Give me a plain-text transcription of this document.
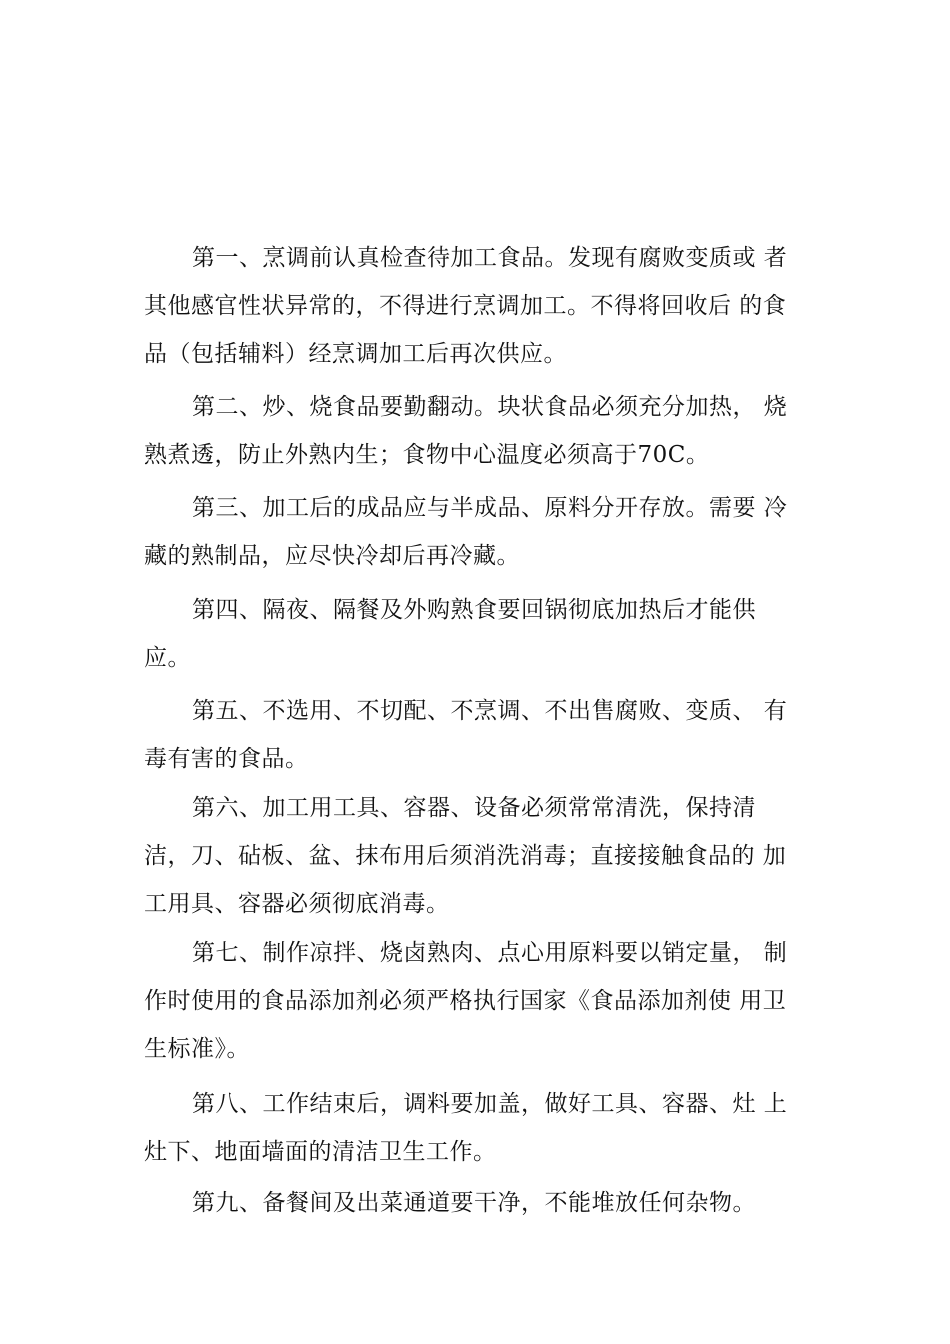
第一、烹调前认真检查待加工食品。发现有腐败变质或 者
其他感官性状异常的，不得进行烹调加工。不得将回收后 的食
品（包括辅料）经烹调加工后再次供应。
第二、炒、烧食品要勤翻动。块状食品必须充分加热， 烧
熟煮透，防止外熟内生；食物中心温度必须高于70C。
第三、加工后的成品应与半成品、原料分开存放。需要 冷
藏的熟制品，应尽快冷却后再冷藏。
第四、隔夜、隔餐及外购熟食要回锅彻底加热后才能供
应。
第五、不选用、不切配、不烹调、不出售腐败、变质、 有
毒有害的食品。
第六、加工用工具、容器、设备必须常常清洗，保持清
洁，刀、砧板、盆、抹布用后须消洗消毒；直接接触食品的 加
工用具、容器必须彻底消毒。
第七、制作凉拌、烧卤熟肉、点心用原料要以销定量， 制
作时使用的食品添加剂必须严格执行国家《食品添加剂使 用卫
生标准》。
第八、工作结束后，调料要加盖，做好工具、容器、灶 上
灶下、地面墙面的清洁卫生工作。
第九、备餐间及出菜通道要干净，不能堆放任何杂物。
